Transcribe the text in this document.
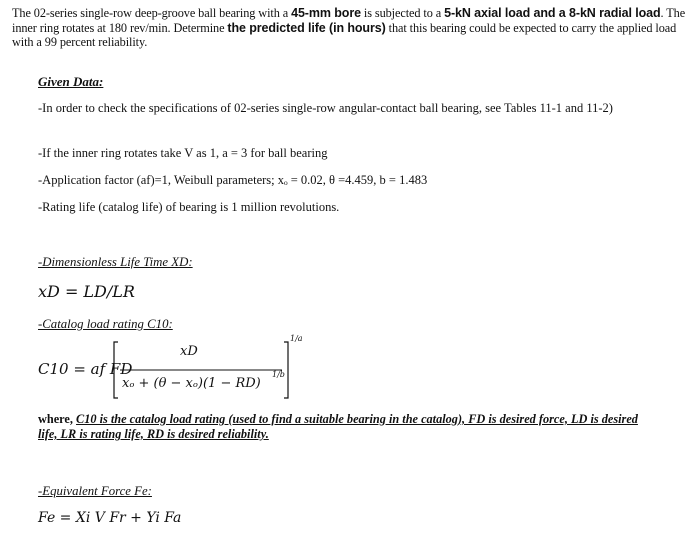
The 02-series single-row deep-groove ball bearing with a 45-mm bore is subjected to a 5-kN axial load and a 8-kN radial load. The inner ring rotates at 180 rev/min. Determine the predicted life (in hours) that this bearing could be expected to carry the applied load with a 99 percent reliability.
Given Data:
-In order to check the specifications of 02-series single-row angular-contact ball bearing, see Tables 11-1 and 11-2)
-If the inner ring rotates take V as 1, a = 3 for ball bearing
-Application factor (af)=1, Weibull parameters; xₒ = 0.02, θ =4.459, b = 1.483
-Rating life (catalog life) of bearing is 1 million revolutions.
-Dimensionless Life Time XD:
xD = LD/LR
-Catalog load rating C10:
C10 = af FD
xD
xₒ + (θ − xₒ)(1 − RD)
1/b
1/a
where, C10 is the catalog load rating (used to find a suitable bearing in the catalog), FD is desired force, LD is desired life, LR is rating life, RD is desired reliability.
-Equivalent Force Fe:
Fe = Xi V Fr + Yi Fa
